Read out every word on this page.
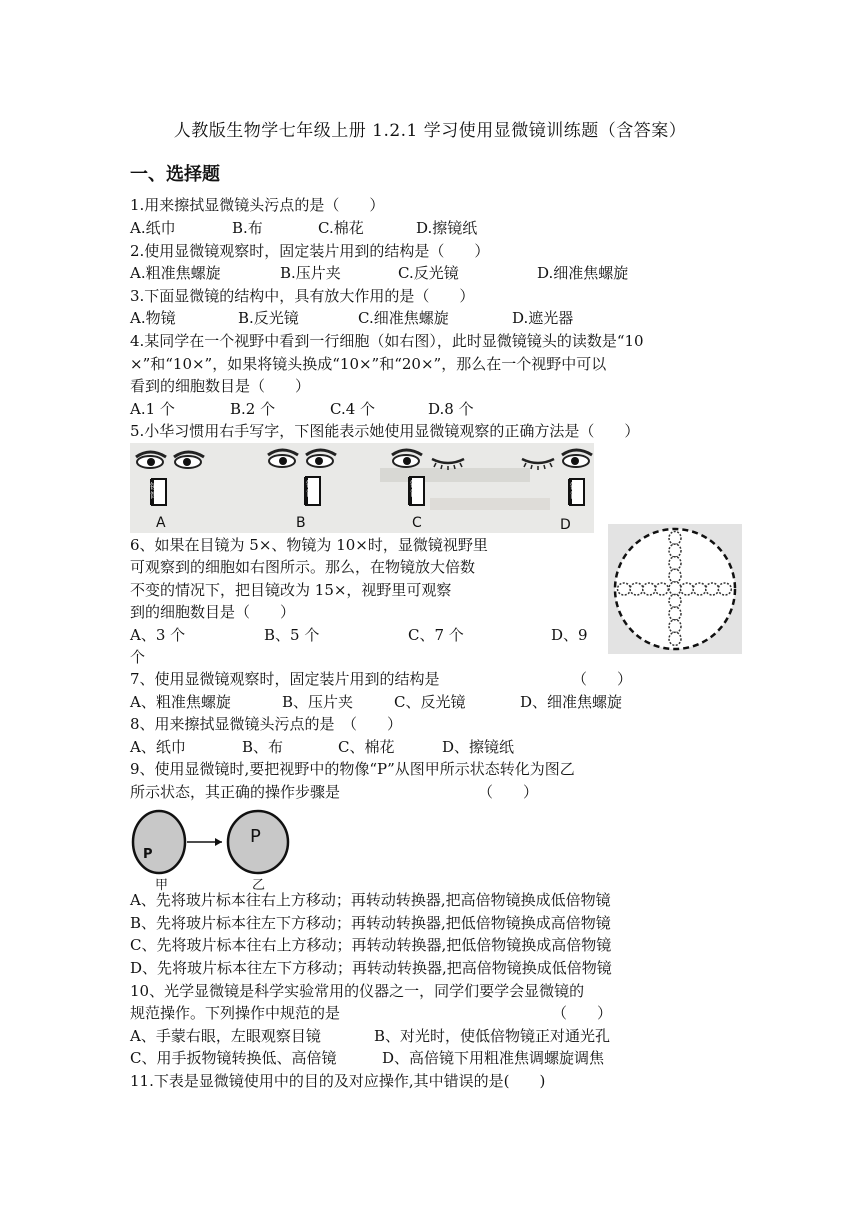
人教版生物学七年级上册 1.2.1 学习使用显微镜训练题（含答案）
一、选择题
1.用来擦拭显微镜头污点的是（　　）
A.纸巾	B.布	C.棉花	D.擦镜纸
2.使用显微镜观察时，固定装片用到的结构是（　　）
A.粗准焦螺旋	B.压片夹	C.反光镜	D.细准焦螺旋
3.下面显微镜的结构中，具有放大作用的是（　　）
A.物镜	B.反光镜	C.细准焦螺旋	D.遮光器
4.某同学在一个视野中看到一行细胞（如右图），此时显微镜镜头的读数是“10
×”和“10×”，如果将镜头换成“10×”和“20×”，那么在一个视野中可以
看到的细胞数目是（　　）
A.1 个	B.2 个	C.4 个	D.8 个
5.小华习惯用右手写字，下图能表示她使用显微镜观察的正确方法是（　　）
A	B	C	D
镜筒
镜筒
镜筒
镜筒
6、如果在目镜为 5×、物镜为 10×时，显微镜视野里
可观察到的细胞如右图所示。那么，在物镜放大倍数
不变的情况下，把目镜改为 15×，视野里可观察
到的细胞数目是（　　）
A、3 个	B、5 个	C、7 个	D、9
个
7、使用显微镜观察时，固定装片用到的结构是	（　　）
A、粗准焦螺旋	B、压片夹	C、反光镜	D、细准焦螺旋
8、用来擦拭显微镜头污点的是　（　　）
A、纸巾	B、布	C、棉花	D、擦镜纸
9、使用显微镜时,要把视野中的物像“P”从图甲所示状态转化为图乙
所示状态，其正确的操作步骤是	（　　）
P
P
甲	乙
A、先将玻片标本往右上方移动；再转动转换器,把高倍物镜换成低倍物镜
B、先将玻片标本往左下方移动；再转动转换器,把低倍物镜换成高倍物镜
C、先将玻片标本往右上方移动；再转动转换器,把低倍物镜换成高倍物镜
D、先将玻片标本往左下方移动；再转动转换器,把高倍物镜换成低倍物镜
10、光学显微镜是科学实验常用的仪器之一，同学们要学会显微镜的
规范操作。下列操作中规范的是	（　　）
A、手蒙右眼，左眼观察目镜	B、对光时，使低倍物镜正对通光孔
C、用手扳物镜转换低、高倍镜	D、高倍镜下用粗准焦调螺旋调焦
11.下表是显微镜使用中的目的及对应操作,其中错误的是(　　)
